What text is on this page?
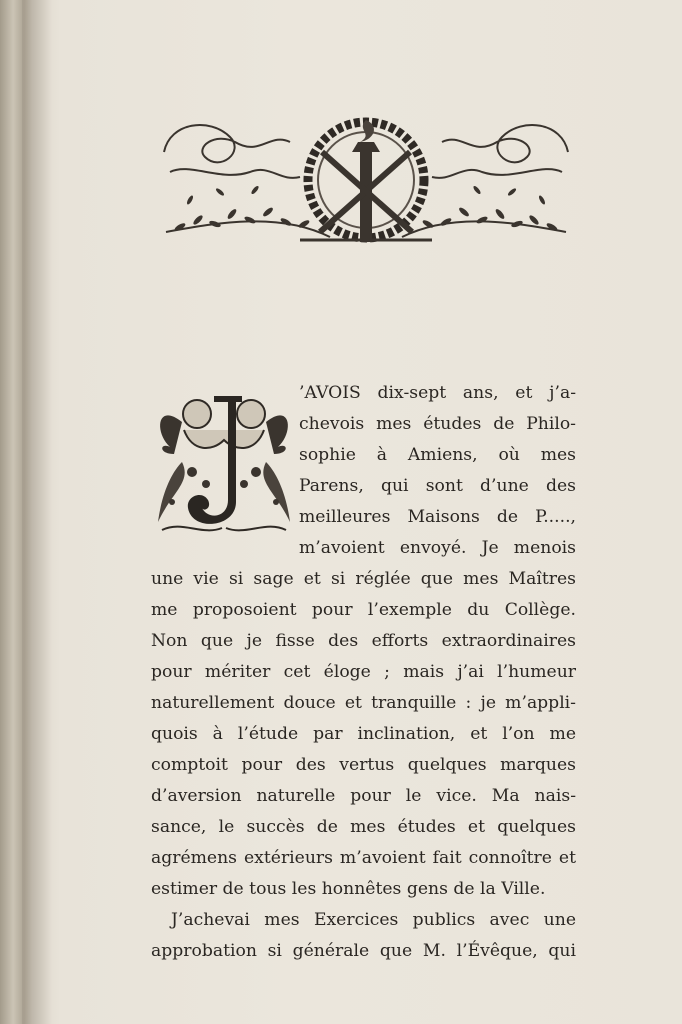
’AVOIS dix-sept ans, et j’a-
chevois mes études de Philo-
sophie à Amiens, où mes
Parens, qui sont d’une des
meilleures Maisons de P.....,
m’avoient envoyé. Je menois
une vie si sage et si réglée que mes Maîtres
me proposoient pour l’exemple du Collège.
Non que je fisse des efforts extraordinaires
pour mériter cet éloge ; mais j’ai l’humeur
naturellement douce et tranquille : je m’appli-
quois à l’étude par inclination, et l’on me
comptoit pour des vertus quelques marques
d’aversion naturelle pour le vice. Ma nais-
sance, le succès de mes études et quelques
agrémens extérieurs m’avoient fait connoître et
estimer de tous les honnêtes gens de la Ville.
J’achevai mes Exercices publics avec une
approbation si générale que M. l’Évêque, qui
